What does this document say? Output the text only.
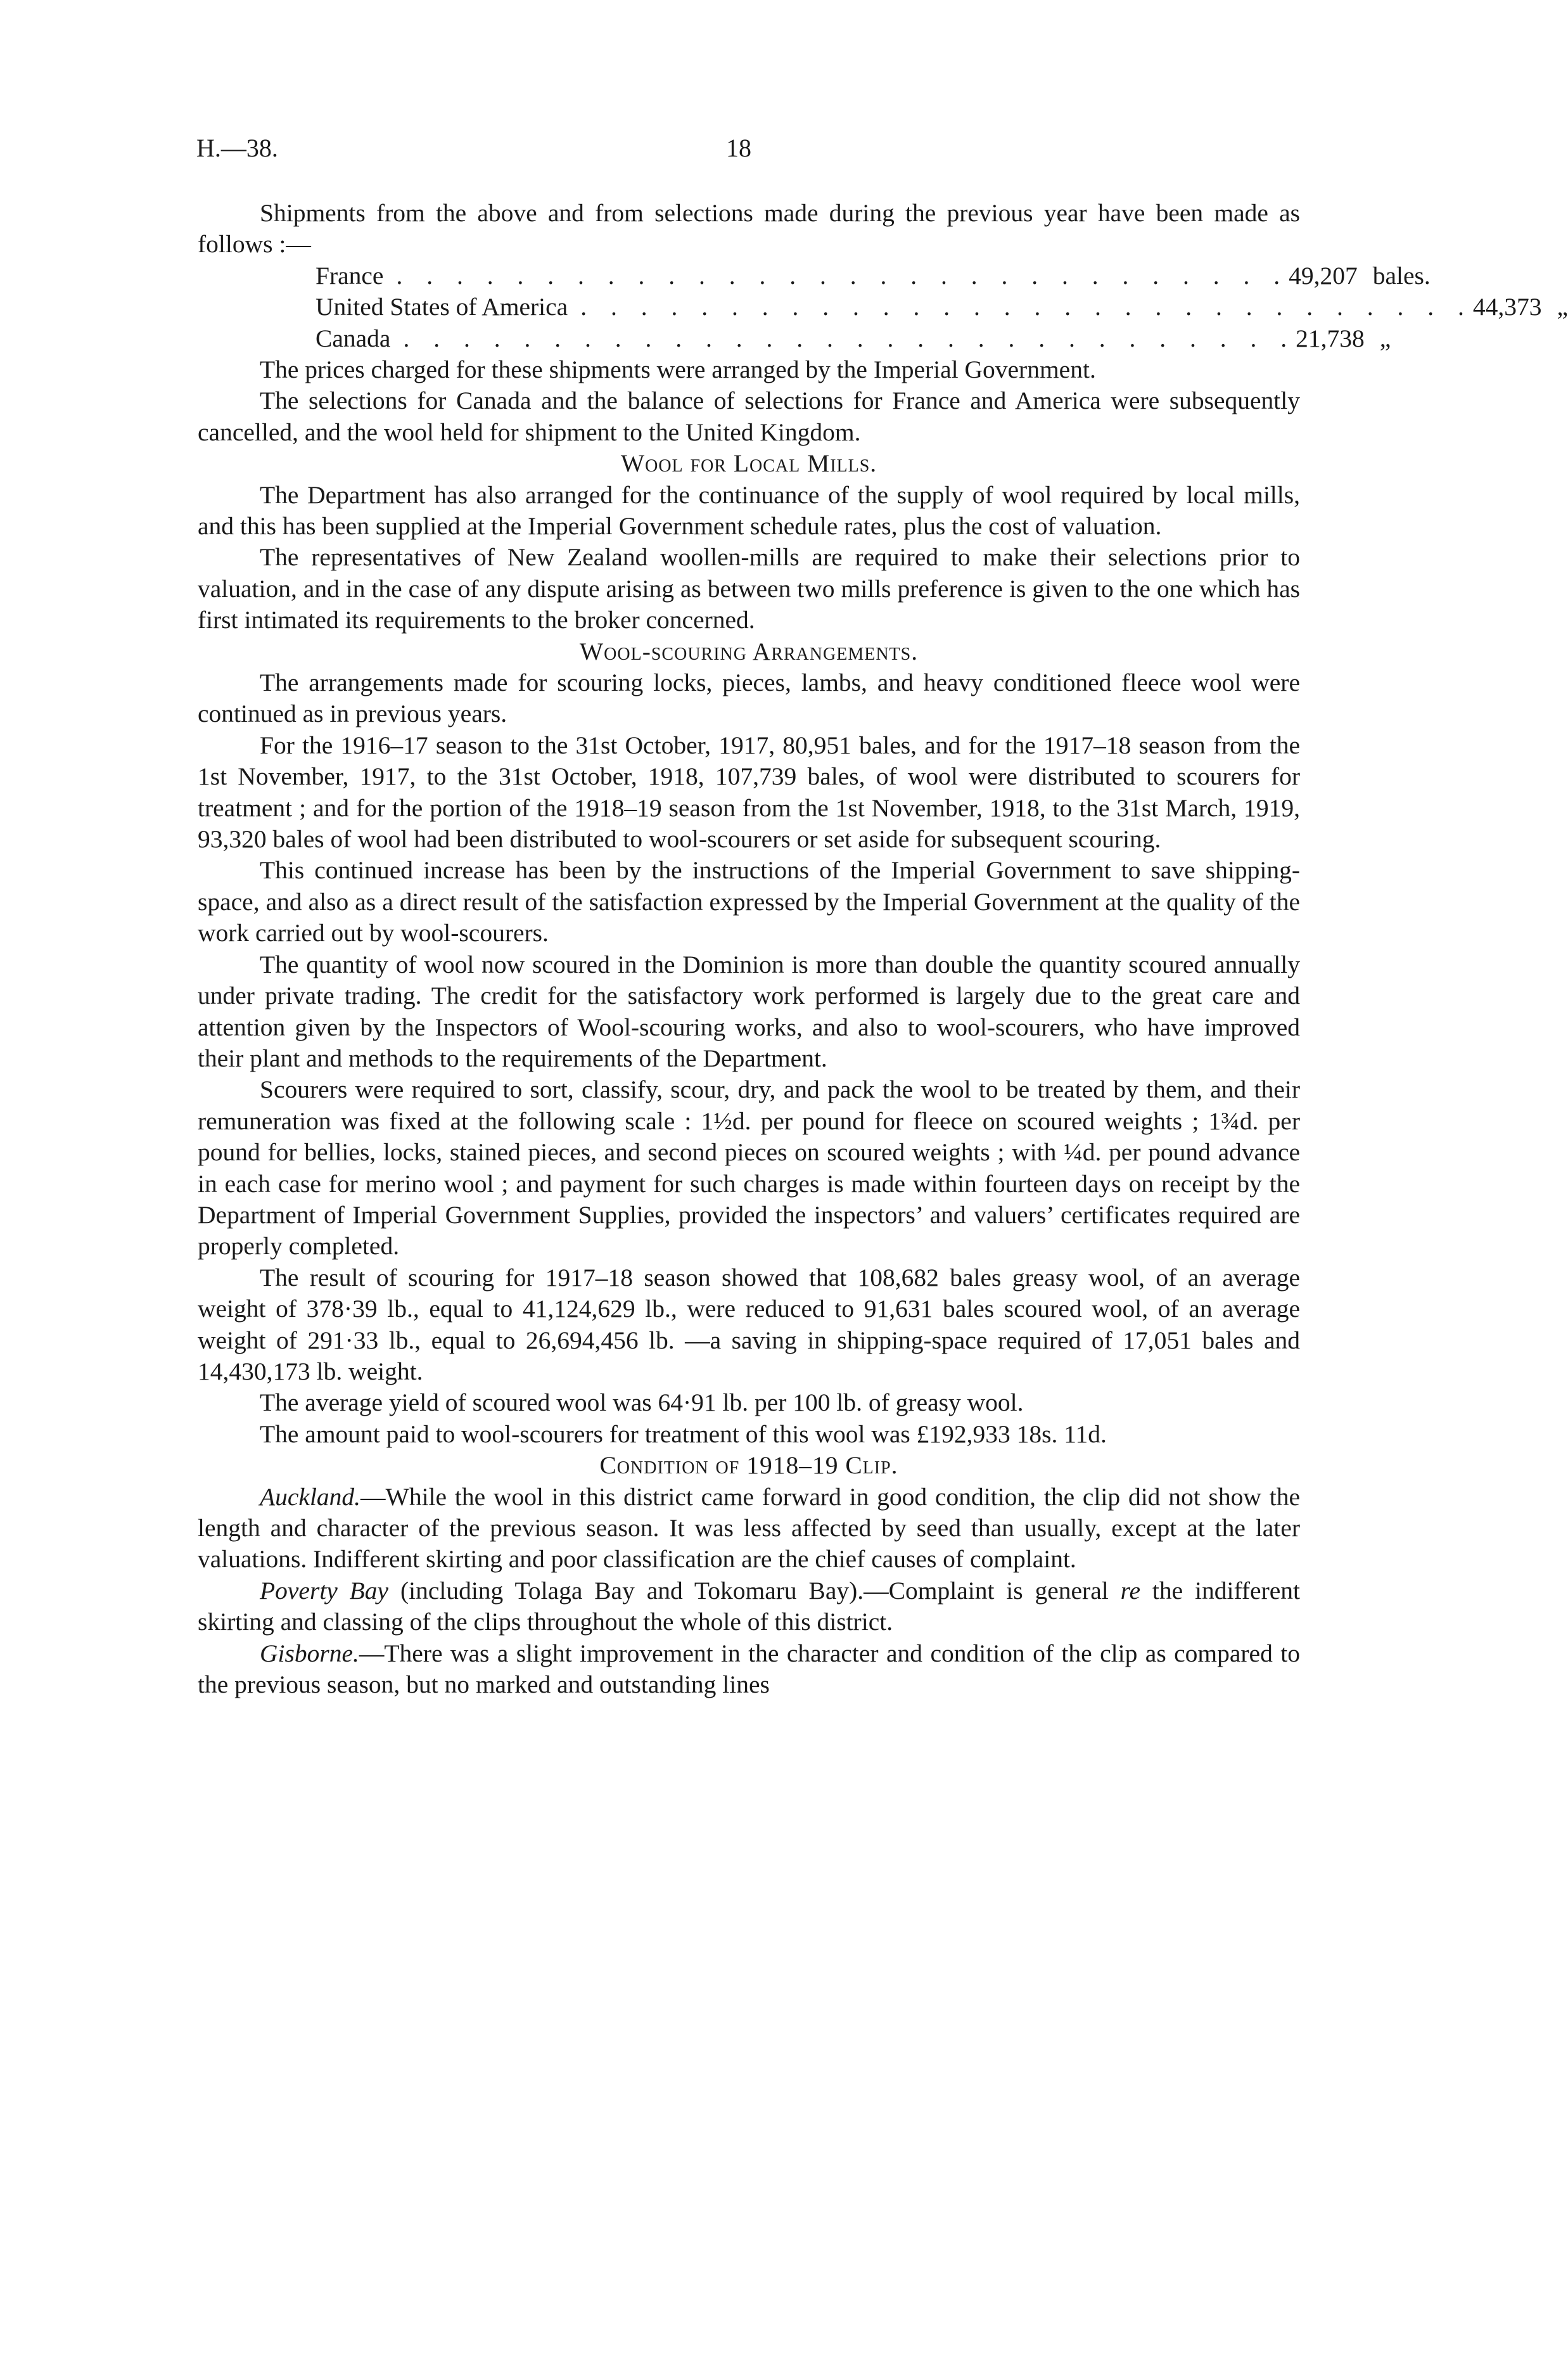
H.—38.	18

Shipments from the above and from selections made during the previous year have been made as follows :—

France . . . . . . . . . . . . . . . . . . . . . . . . . . . . . . 49,207 bales.
United States of America . . . . . . . . . . . . . . . . . . . . . . . . . . . . . . 44,373 „
Canada . . . . . . . . . . . . . . . . . . . . . . . . . . . . . . 21,738 „

The prices charged for these shipments were arranged by the Imperial Government.

The selections for Canada and the balance of selections for France and America were subsequently cancelled, and the wool held for shipment to the United Kingdom.

Wool for Local Mills.

The Department has also arranged for the continuance of the supply of wool required by local mills, and this has been supplied at the Imperial Government schedule rates, plus the cost of valuation.

The representatives of New Zealand woollen-mills are required to make their selections prior to valuation, and in the case of any dispute arising as between two mills preference is given to the one which has first intimated its requirements to the broker concerned.

Wool-scouring Arrangements.

The arrangements made for scouring locks, pieces, lambs, and heavy conditioned fleece wool were continued as in previous years.

For the 1916–17 season to the 31st October, 1917, 80,951 bales, and for the 1917–18 season from the 1st November, 1917, to the 31st October, 1918, 107,739 bales, of wool were distributed to scourers for treatment ; and for the portion of the 1918–19 season from the 1st November, 1918, to the 31st March, 1919, 93,320 bales of wool had been distributed to wool-scourers or set aside for subsequent scouring.

This continued increase has been by the instructions of the Imperial Government to save shipping-space, and also as a direct result of the satisfaction expressed by the Imperial Government at the quality of the work carried out by wool-scourers.

The quantity of wool now scoured in the Dominion is more than double the quantity scoured annually under private trading. The credit for the satisfactory work performed is largely due to the great care and attention given by the Inspectors of Wool-scouring works, and also to wool-scourers, who have improved their plant and methods to the requirements of the Department.

Scourers were required to sort, classify, scour, dry, and pack the wool to be treated by them, and their remuneration was fixed at the following scale : 1½d. per pound for fleece on scoured weights ; 1¾d. per pound for bellies, locks, stained pieces, and second pieces on scoured weights ; with ¼d. per pound advance in each case for merino wool ; and payment for such charges is made within fourteen days on receipt by the Department of Imperial Government Supplies, provided the inspectors’ and valuers’ certificates required are properly completed.

The result of scouring for 1917–18 season showed that 108,682 bales greasy wool, of an average weight of 378·39 lb., equal to 41,124,629 lb., were reduced to 91,631 bales scoured wool, of an average weight of 291·33 lb., equal to 26,694,456 lb. —a saving in shipping-space required of 17,051 bales and 14,430,173 lb. weight.

The average yield of scoured wool was 64·91 lb. per 100 lb. of greasy wool.

The amount paid to wool-scourers for treatment of this wool was £192,933 18s. 11d.

Condition of 1918–19 Clip.

Auckland.—While the wool in this district came forward in good condition, the clip did not show the length and character of the previous season. It was less affected by seed than usually, except at the later valuations. Indifferent skirting and poor classification are the chief causes of complaint.

Poverty Bay (including Tolaga Bay and Tokomaru Bay).—Complaint is general re the indifferent skirting and classing of the clips throughout the whole of this district.

Gisborne.—There was a slight improvement in the character and condition of the clip as compared to the previous season, but no marked and outstanding lines
